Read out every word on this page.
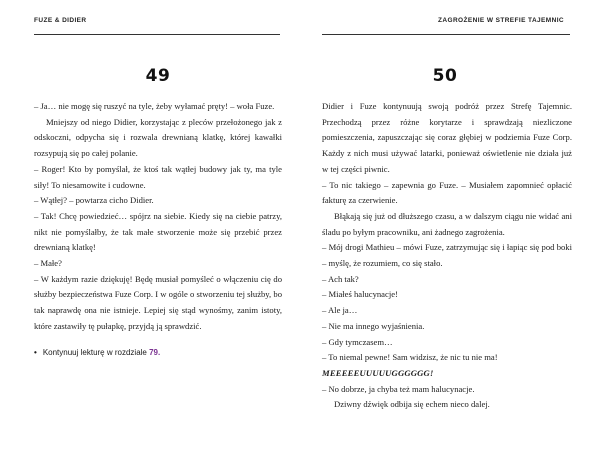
FUZE & DIDIER
49

– Ja… nie mogę się ruszyć na tyle, żeby wyłamać pręty! – woła Fuze.

Mniejszy od niego Didier, korzystając z pleców przełożonego jak z odskoczni, odpycha się i rozwala drewnianą klatkę, której kawałki rozsypują się po całej polanie.

– Roger! Kto by pomyślał, że ktoś tak wątłej budowy jak ty, ma tyle siły! To niesamowite i cudowne.

– Wątłej? – powtarza cicho Didier.

– Tak! Chcę powiedzieć… spójrz na siebie. Kiedy się na ciebie patrzy, nikt nie pomyślałby, że tak małe stworzenie może się przebić przez drewnianą klatkę!

– Małe?

– W każdym razie dziękuję! Będę musiał pomyśleć o włączeniu cię do służby bezpieczeństwa Fuze Corp. I w ogóle o stworzeniu tej służby, bo tak naprawdę ona nie istnieje. Lepiej się stąd wynośmy, zanim istoty, które zastawiły tę pułapkę, przyjdą ją sprawdzić.

• Kontynuuj lekturę w rozdziale 79.
ZAGROŻENIE W STREFIE TAJEMNIC
50

Didier i Fuze kontynuują swoją podróż przez Strefę Tajemnic. Przechodzą przez różne korytarze i sprawdzają niezliczone pomieszczenia, zapuszczając się coraz głębiej w podziemia Fuze Corp. Każdy z nich musi używać latarki, ponieważ oświetlenie nie działa już w tej części piwnic.

– To nic takiego – zapewnia go Fuze. – Musiałem zapomnieć opłacić fakturę za czerwienie.

Błąkają się już od dłuższego czasu, a w dalszym ciągu nie widać ani śladu po byłym pracowniku, ani żadnego zagrożenia.

– Mój drogi Mathieu – mówi Fuze, zatrzymując się i łapiąc się pod boki – myślę, że rozumiem, co się stało.

– Ach tak?

– Miałeś halucynacje!

– Ale ja…

– Nie ma innego wyjaśnienia.

– Gdy tymczasem…

– To niemal pewne! Sam widzisz, że nic tu nie ma!

MEEEEEUUUUUGGGGGG!

– No dobrze, ja chyba też mam halucynacje.

Dziwny dźwięk odbija się echem nieco dalej.
